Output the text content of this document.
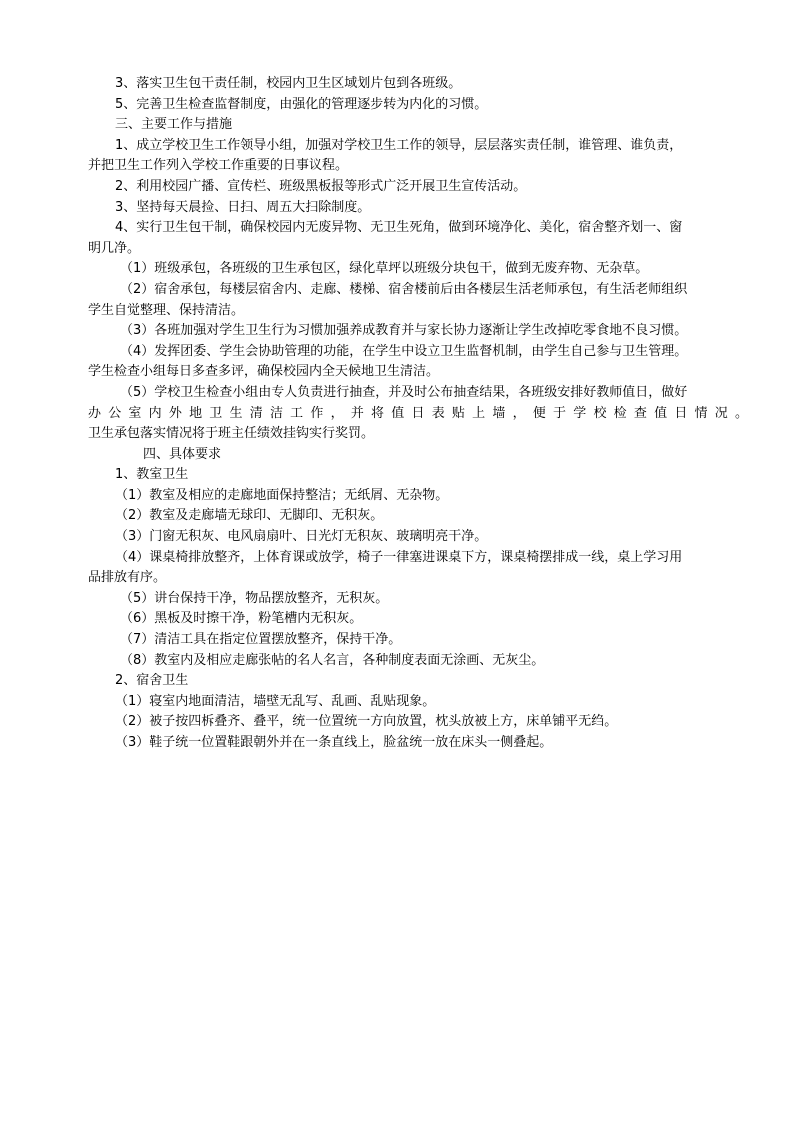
3、落实卫生包干责任制，校园内卫生区域划片包到各班级。
5、完善卫生检查监督制度，由强化的管理逐步转为内化的习惯。
三、主要工作与措施
1、成立学校卫生工作领导小组，加强对学校卫生工作的领导，层层落实责任制，谁管理、谁负责，
并把卫生工作列入学校工作重要的日事议程。
2、利用校园广播、宣传栏、班级黑板报等形式广泛开展卫生宣传活动。
3、坚持每天晨捡、日扫、周五大扫除制度。
4、实行卫生包干制，确保校园内无废异物、无卫生死角，做到环境净化、美化，宿舍整齐划一、窗
明几净。
（1）班级承包，各班级的卫生承包区，绿化草坪以班级分块包干，做到无废弃物、无杂草。
（2）宿舍承包，每楼层宿舍内、走廊、楼梯、宿舍楼前后由各楼层生活老师承包，有生活老师组织
学生自觉整理、保持清洁。
（3）各班加强对学生卫生行为习惯加强养成教育并与家长协力逐渐让学生改掉吃零食地不良习惯。
（4）发挥团委、学生会协助管理的功能，在学生中设立卫生监督机制，由学生自己参与卫生管理。
学生检查小组每日多查多评，确保校园内全天候地卫生清洁。
（5）学校卫生检查小组由专人负责进行抽查，并及时公布抽查结果，各班级安排好教师值日，做好
办公室内外地卫生清洁工作，并将值日表贴上墙，便于学校检查值日情况。
卫生承包落实情况将于班主任绩效挂钩实行奖罚。
四、具体要求
1、教室卫生
（1）教室及相应的走廊地面保持整洁；无纸屑、无杂物。
（2）教室及走廊墙无球印、无脚印、无积灰。
（3）门窗无积灰、电风扇扇叶、日光灯无积灰、玻璃明亮干净。
（4）课桌椅排放整齐，上体育课或放学，椅子一律塞进课桌下方，课桌椅摆排成一线，桌上学习用
品排放有序。
（5）讲台保持干净，物品摆放整齐，无积灰。
（6）黑板及时擦干净，粉笔槽内无积灰。
（7）清洁工具在指定位置摆放整齐，保持干净。
（8）教室内及相应走廊张帖的名人名言，各种制度表面无涂画、无灰尘。
2、宿舍卫生
（1）寝室内地面清洁，墙壁无乱写、乱画、乱贴现象。
（2）被子按四柝叠齐、叠平，统一位置统一方向放置，枕头放被上方，床单铺平无绉。
（3）鞋子统一位置鞋跟朝外并在一条直线上，脸盆统一放在床头一侧叠起。
